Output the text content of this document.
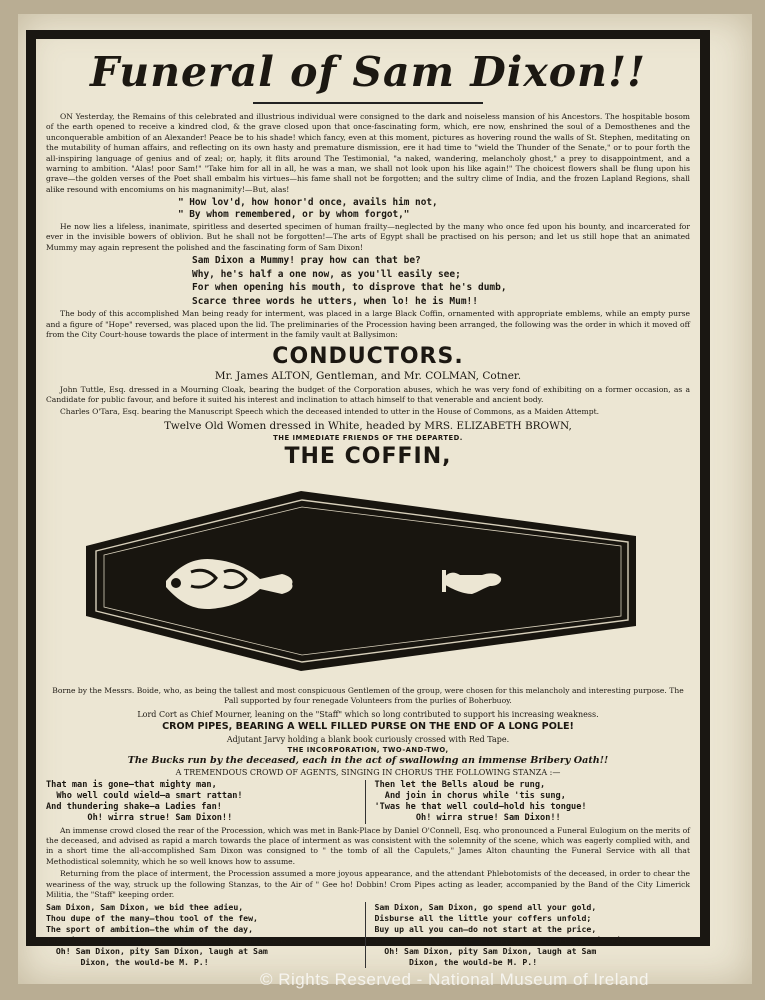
Funeral of Sam Dixon!!

ON Yesterday, the Remains of this celebrated and illustrious individual were consigned to the dark and noiseless mansion of his Ancestors. The hospitable bosom of the earth opened to receive a kindred clod, & the grave closed upon that once-fascinating form, which, ere now, enshrined the soul of a Demosthenes and the unconquerable ambition of an Alexander! Peace be to his shade! which fancy, even at this moment, pictures as hovering round the walls of St. Stephen, meditating on the mutability of human affairs, and reflecting on its own hasty and premature dismission, ere it had time to "wield the Thunder of the Senate," or to pour forth the all-inspiring language of genius and of zeal; or, haply, it flits around The Testimonial, "a naked, wandering, melancholy ghost," a prey to disappointment, and a warning to ambition. "Alas! poor Sam!" "Take him for all in all, he was a man, we shall not look upon his like again!" The choicest flowers shall be flung upon his grave—the golden verses of the Poet shall embalm his virtues—his fame shall not be forgotten; and the sultry clime of India, and the frozen Lapland Regions, shall alike resound with encomiums on his magnanimity!—But, alas!

" How lov'd, how honor'd once, avails him not,
" By whom remembered, or by whom forgot,"

He now lies a lifeless, inanimate, spiritless and deserted specimen of human frailty—neglected by the many who once fed upon his bounty, and incarcerated for ever in the invisible bowers of oblivion. But he shall not be forgotten!—The arts of Egypt shall be practised on his person; and let us still hope that an animated Mummy may again represent the polished and the fascinating form of Sam Dixon!

Sam Dixon a Mummy! pray how can that be?
Why, he's half a one now, as you'll easily see;
For when opening his mouth, to disprove that he's dumb,
Scarce three words he utters, when lo! he is Mum!!

The body of this accomplished Man being ready for interment, was placed in a large Black Coffin, ornamented with appropriate emblems, while an empty purse and a figure of "Hope" reversed, was placed upon the lid. The preliminaries of the Procession having been arranged, the following was the order in which it moved off from the City Court-house towards the place of interment in the family vault at Ballysimon:

CONDUCTORS.
Mr. James ALTON, Gentleman, and Mr. COLMAN, Cotner.

John Tuttle, Esq. dressed in a Mourning Cloak, bearing the budget of the Corporation abuses, which he was very fond of exhibiting on a former occasion, as a Candidate for public favour, and before it suited his interest and inclination to attach himself to that venerable and ancient body.

Charles O'Tara, Esq. bearing the Manuscript Speech which the deceased intended to utter in the House of Commons, as a Maiden Attempt.

Twelve Old Women dressed in White, headed by MRS. ELIZABETH BROWN,
THE IMMEDIATE FRIENDS OF THE DEPARTED.
THE COFFIN,

Borne by the Messrs. Boide, who, as being the tallest and most conspicuous Gentlemen of the group, were chosen for this melancholy and interesting purpose. The Pall supported by four renegade Volunteers from the purlies of Boherbuoy.

Lord Cort as Chief Mourner, leaning on the "Staff" which so long contributed to support his increasing weakness.
CROM PIPES, BEARING A WELL FILLED PURSE ON THE END OF A LONG POLE!
Adjutant Jarvy holding a blank book curiously crossed with Red Tape.
THE INCORPORATION, TWO-AND-TWO,
The Bucks run by the deceased, each in the act of swallowing an immense Bribery Oath!!
A TREMENDOUS CROWD OF AGENTS, SINGING IN CHORUS THE FOLLOWING STANZA :—
That man is gone—that mighty man,
Who well could wield—a smart rattan!
And thundering shake—a Ladies fan!
Oh! wirra strue! Sam Dixon!!
Then let the Bells aloud be rung,
And join in chorus while 'tis sung,
'Twas he that well could—hold his tongue!
Oh! wirra strue! Sam Dixon!!

An immense crowd closed the rear of the Procession, which was met in Bank-Place by Daniel O'Connell, Esq. who pronounced a Funeral Eulogium on the merits of the deceased, and advised as rapid a march towards the place of interment as was consistent with the solemnity of the scene, which was eagerly complied with, and in a short time the all-accomplished Sam Dixon was consigned to " the tomb of all the Capulets," James Alton chaunting the Funeral Service with all that Methodistical solemnity, which he so well knows how to assume.

Returning from the place of interment, the Procession assumed a more joyous appearance, and the attendant Phlebotomists of the deceased, in order to chear the weariness of the way, struck up the following Stanzas, to the Air of " Gee ho! Dobbin! Crom Pipes acting as leader, accompanied by the Band of the City Limerick Militia, the "Staff" keeping order.

Sam Dixon, Sam Dixon, we bid thee adieu,
Thou dupe of the many—thou tool of the few,
The sport of ambition—the whim of the day,
The Piper, poor fool, for the dance thou must pay.
Oh! Sam Dixon, pity Sam Dixon, laugh at Sam
Dixon, the would-be M. P.!
Sam Dixon, Sam Dixon, go spend all your gold,
Disburse all the little your coffers unfold;
Buy up all you can—do not start at the price,
There's one can't be purchased, and that one is Rice!
Oh! Sam Dixon, pity Sam Dixon, laugh at Sam
Dixon, the would-be M. P.!
© Rights Reserved - National Museum of Ireland
